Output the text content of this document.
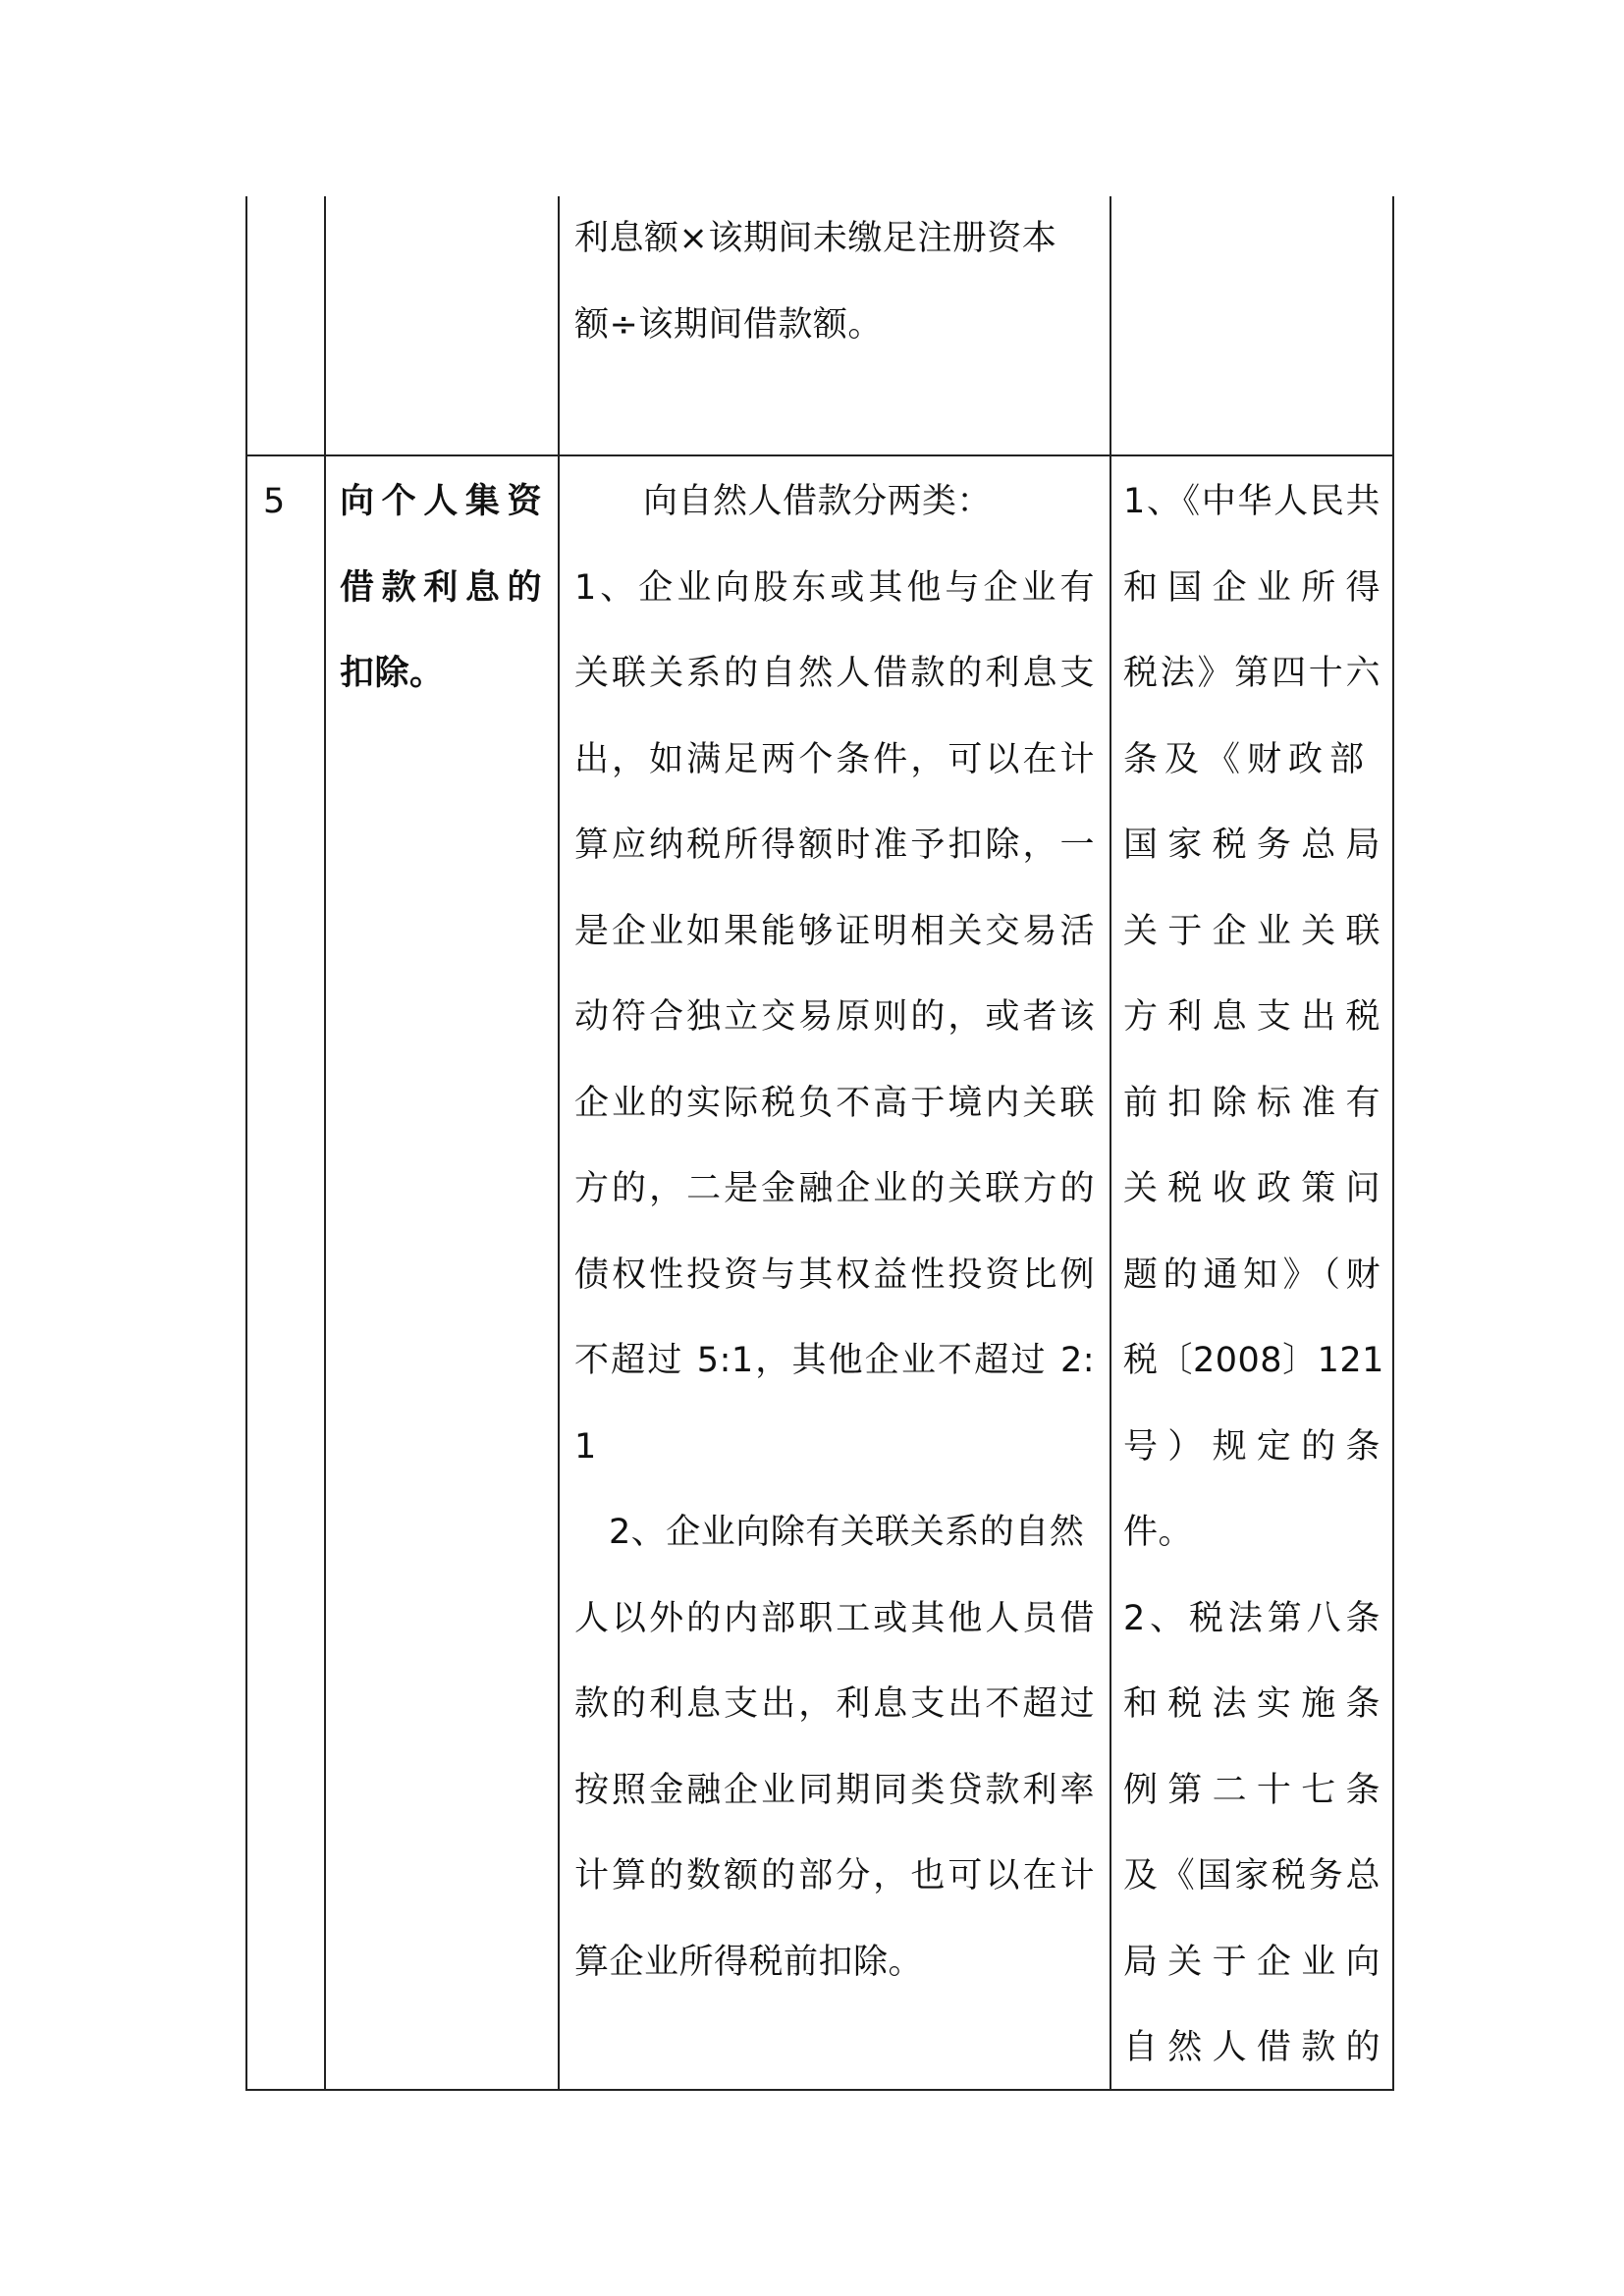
利息额×该期间未缴足注册资本
额÷该期间借款额。
5 向个人集资
借款利息的
扣除。
向自然人借款分两类：
1、企业向股东或其他与企业有
关联关系的自然人借款的利息支
出，如满足两个条件，可以在计
算应纳税所得额时准予扣除，一
是企业如果能够证明相关交易活
动符合独立交易原则的，或者该
企业的实际税负不高于境内关联
方的，二是金融企业的关联方的
债权性投资与其权益性投资比例
不超过 5:1，其他企业不超过 2:
1
2、企业向除有关联关系的自然
人以外的内部职工或其他人员借
款的利息支出，利息支出不超过
按照金融企业同期同类贷款利率
计算的数额的部分，也可以在计
算企业所得税前扣除。
1、《中华人民共
和国企业所得
税法》第四十六
条及《财政部
国家税务总局
关于企业关联
方利息支出税
前扣除标准有
关税收政策问
题的通知》（财
税〔2008〕121
号）规定的条
件。
2、税法第八条
和税法实施条
例第二十七条
及《国家税务总
局关于企业向
自然人借款的
